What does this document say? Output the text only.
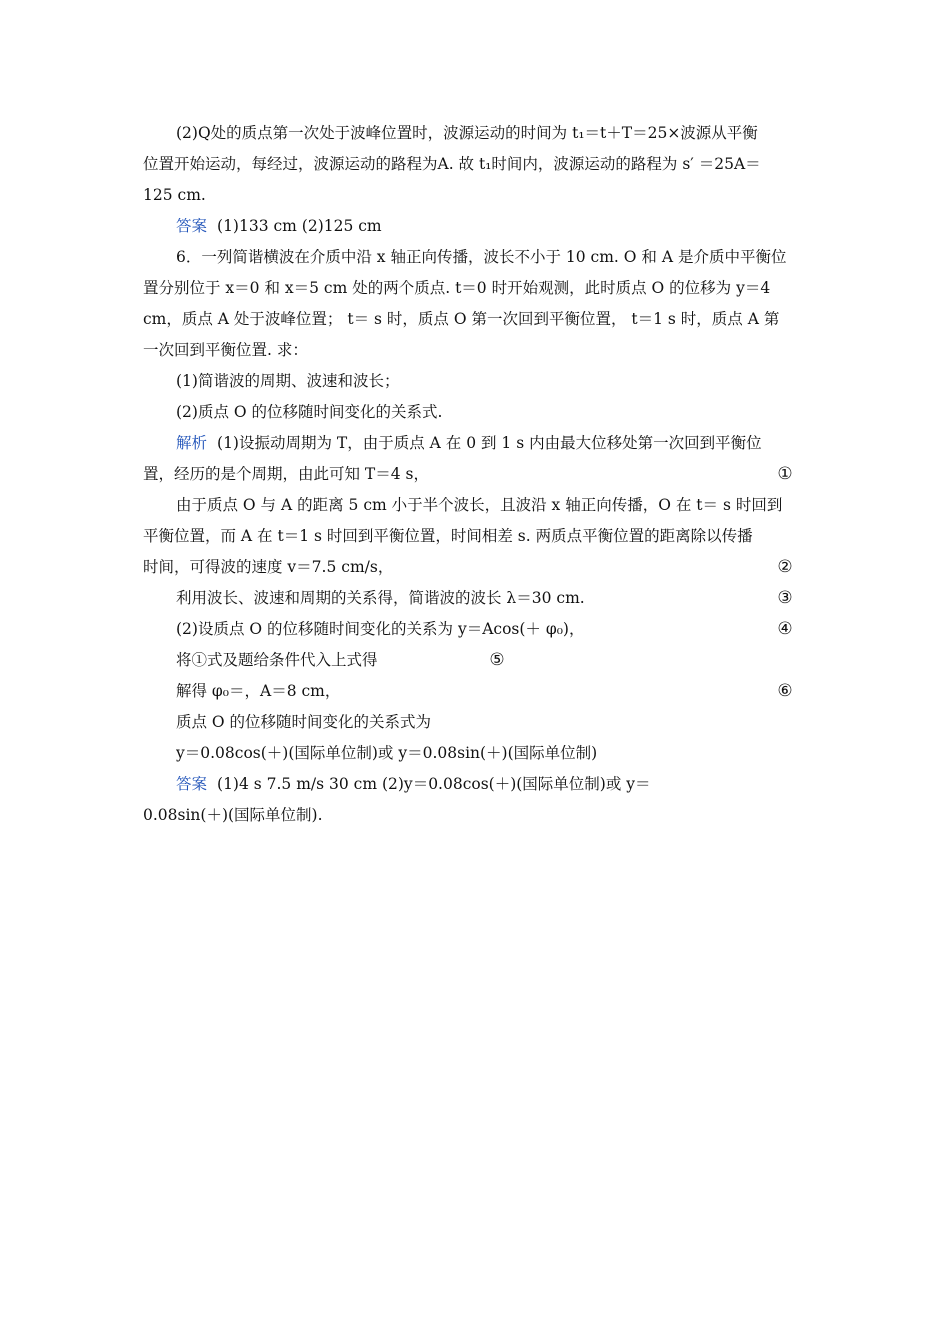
(2)Q处的质点第一次处于波峰位置时，波源运动的时间为 t₁＝t＋T＝25×波源从平衡
位置开始运动，每经过，波源运动的路程为A. 故 t₁时间内，波源运动的路程为 s′ ＝25A＝
125 cm.
答案 (1)133 cm (2)125 cm
6．一列简谐横波在介质中沿 x 轴正向传播，波长不小于 10 cm. O 和 A 是介质中平衡位
置分别位于 x＝0 和 x＝5 cm 处的两个质点. t＝0 时开始观测，此时质点 O 的位移为 y＝4
cm，质点 A 处于波峰位置； t＝ s 时，质点 O 第一次回到平衡位置， t＝1 s 时，质点 A 第
一次回到平衡位置. 求：
(1)简谐波的周期、波速和波长；
(2)质点 O 的位移随时间变化的关系式.
解析 (1)设振动周期为 T，由于质点 A 在 0 到 1 s 内由最大位移处第一次回到平衡位
置，经历的是个周期，由此可知 T＝4 s，	①
由于质点 O 与 A 的距离 5 cm 小于半个波长，且波沿 x 轴正向传播，O 在 t＝ s 时回到
平衡位置，而 A 在 t＝1 s 时回到平衡位置，时间相差 s. 两质点平衡位置的距离除以传播
时间，可得波的速度 v＝7.5 cm/s，	②
利用波长、波速和周期的关系得，简谐波的波长 λ＝30 cm.	③
(2)设质点 O 的位移随时间变化的关系为 y＝Acos(＋ φ₀)，	④
将①式及题给条件代入上式得	⑤
解得 φ₀＝，A＝8 cm，	⑥
质点 O 的位移随时间变化的关系式为
y＝0.08cos(＋)(国际单位制)或 y＝0.08sin(＋)(国际单位制)
答案 (1)4 s 7.5 m/s 30 cm (2)y＝0.08cos(＋)(国际单位制)或 y＝
0.08sin(＋)(国际单位制).
